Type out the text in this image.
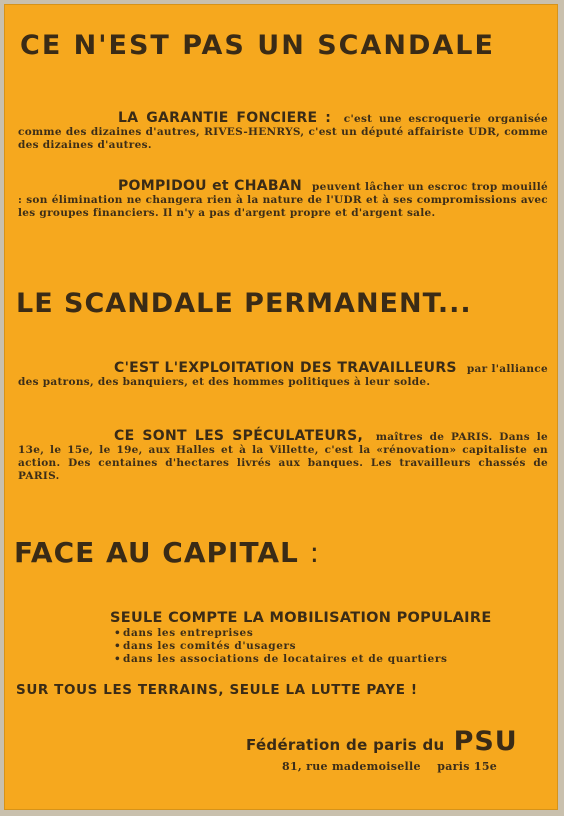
CE N'EST PAS UN SCANDALE
LA GARANTIE FONCIERE : c'est une escroquerie organisée comme des dizaines d'autres, RIVES-HENRYS, c'est un député affairiste UDR, comme des dizaines d'autres.
POMPIDOU et CHABAN peuvent lâcher un escroc trop mouillé : son élimination ne changera rien à la nature de l'UDR et à ses compromissions avec les groupes financiers. Il n'y a pas d'argent propre et d'argent sale.
LE SCANDALE PERMANENT...
C'EST L'EXPLOITATION DES TRAVAILLEURS par l'alliance des patrons, des banquiers, et des hommes politiques à leur solde.
CE SONT LES SPÉCULATEURS, maîtres de PARIS. Dans le 13e, le 15e, le 19e, aux Halles et à la Villette, c'est la «rénovation» capitaliste en action. Des centaines d'hectares livrés aux banques. Les travailleurs chassés de PARIS.
FACE AU CAPITAL :
SEULE COMPTE LA MOBILISATION POPULAIRE
• dans les entreprises
• dans les comités d'usagers
• dans les associations de locataires et de quartiers
SUR TOUS LES TERRAINS, SEULE LA LUTTE PAYE !
Fédération de paris du PSU
81, rue mademoiselle    paris 15e
